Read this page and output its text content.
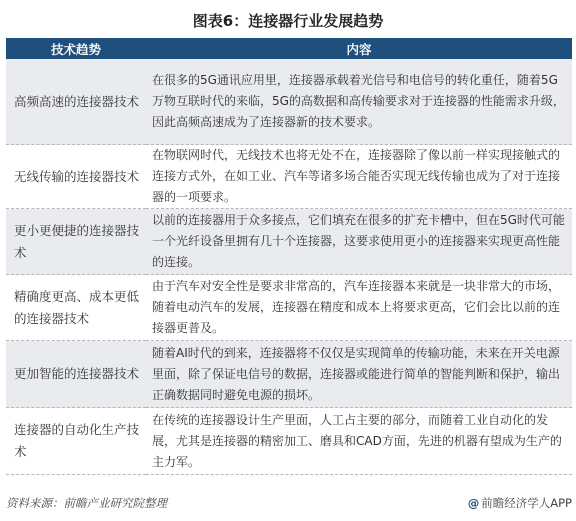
图表6：连接器行业发展趋势
技术趋势	内容
高频高速的连接器技术	在很多的5G通讯应用里，连接器承载着光信号和电信号的转化重任，随着5G万物互联时代的来临，5G的高数据和高传输要求对于连接器的性能需求升级，因此高频高速成为了连接器新的技术要求。
无线传输的连接器技术	在物联网时代，无线技术也将无处不在，连接器除了像以前一样实现接触式的连接方式外，在如工业、汽车等诸多场合能否实现无线传输也成为了对于连接器的一项要求。
更小更便捷的连接器技术	以前的连接器用于众多接点，它们填充在很多的扩充卡槽中，但在5G时代可能一个光纤设备里拥有几十个连接器，这要求使用更小的连接器来实现更高性能的连接。
精确度更高、成本更低的连接器技术	由于汽车对安全性是要求非常高的，汽车连接器本来就是一块非常大的市场，随着电动汽车的发展，连接器在精度和成本上将要求更高，它们会比以前的连接器更普及。
更加智能的连接器技术	随着AI时代的到来，连接器将不仅仅是实现简单的传输功能，未来在开关电源里面，除了保证电信号的数据，连接器或能进行简单的智能判断和保护，输出正确数据同时避免电源的损坏。
连接器的自动化生产技术	在传统的连接器设计生产里面，人工占主要的部分，而随着工业自动化的发展，尤其是连接器的精密加工、磨具和CAD方面，先进的机器有望成为生产的主力军。
资料来源：前瞻产业研究院整理	@ 前瞻经济学人APP
